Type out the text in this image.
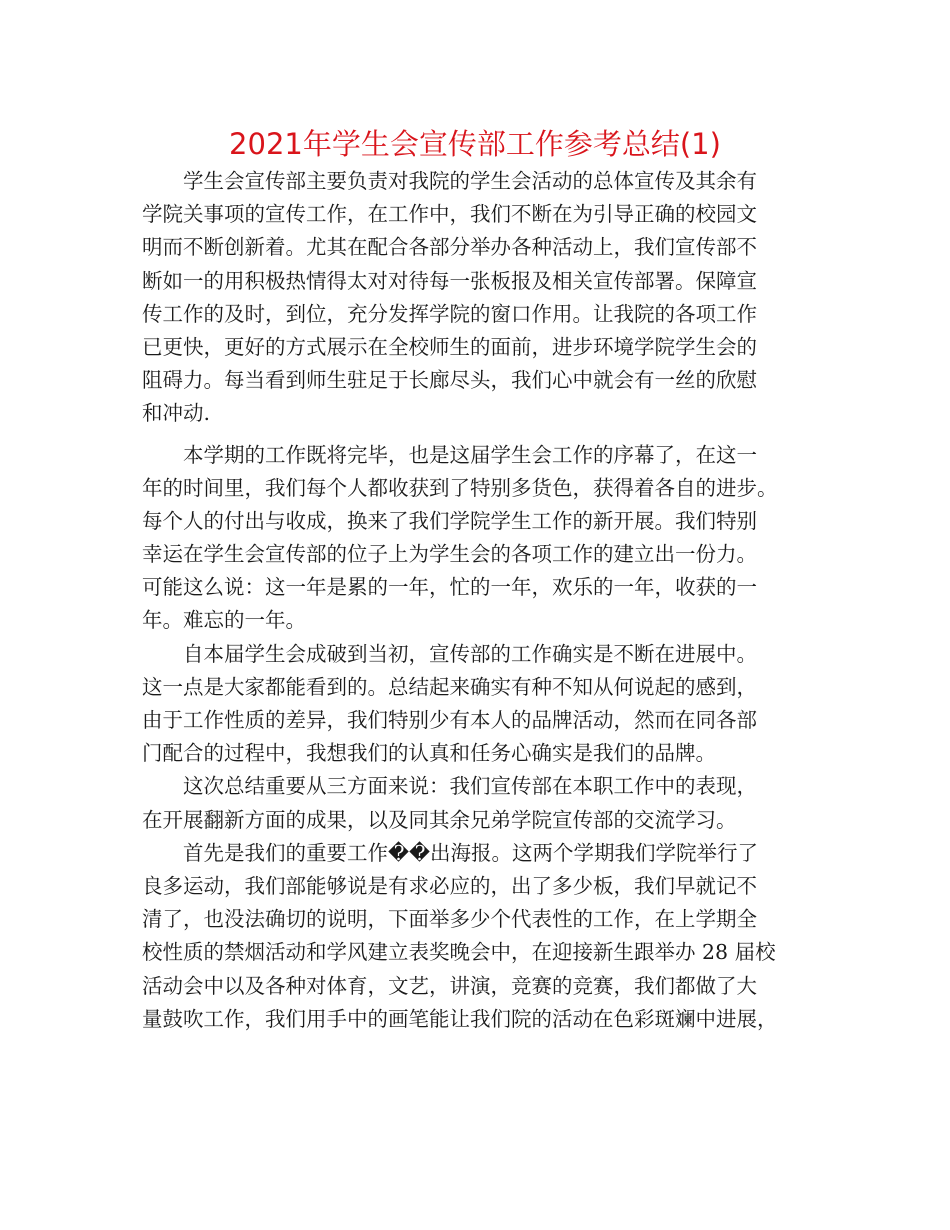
2021年学生会宣传部工作参考总结(1)
学生会宣传部主要负责对我院的学生会活动的总体宣传及其余有
学院关事项的宣传工作，在工作中，我们不断在为引导正确的校园文
明而不断创新着。尤其在配合各部分举办各种活动上，我们宣传部不
断如一的用积极热情得太对对待每一张板报及相关宣传部署。保障宣
传工作的及时，到位，充分发挥学院的窗口作用。让我院的各项工作
已更快，更好的方式展示在全校师生的面前，进步环境学院学生会的
阻碍力。每当看到师生驻足于长廊尽头，我们心中就会有一丝的欣慰
和冲动.
本学期的工作既将完毕，也是这届学生会工作的序幕了，在这一
年的时间里，我们每个人都收获到了特别多货色，获得着各自的进步。
每个人的付出与收成，换来了我们学院学生工作的新开展。我们特别
幸运在学生会宣传部的位子上为学生会的各项工作的建立出一份力。
可能这么说：这一年是累的一年，忙的一年，欢乐的一年，收获的一
年。难忘的一年。
自本届学生会成破到当初，宣传部的工作确实是不断在进展中。
这一点是大家都能看到的。总结起来确实有种不知从何说起的感到，
由于工作性质的差异，我们特别少有本人的品牌活动，然而在同各部
门配合的过程中，我想我们的认真和任务心确实是我们的品牌。
这次总结重要从三方面来说：我们宣传部在本职工作中的表现，
在开展翻新方面的成果，以及同其余兄弟学院宣传部的交流学习。
首先是我们的重要工作��出海报。这两个学期我们学院举行了
良多运动，我们部能够说是有求必应的，出了多少板，我们早就记不
清了，也没法确切的说明，下面举多少个代表性的工作，在上学期全
校性质的禁烟活动和学风建立表奖晚会中，在迎接新生跟举办 28 届校
活动会中以及各种对体育，文艺，讲演，竞赛的竞赛，我们都做了大
量鼓吹工作，我们用手中的画笔能让我们院的活动在色彩斑斓中进展，
